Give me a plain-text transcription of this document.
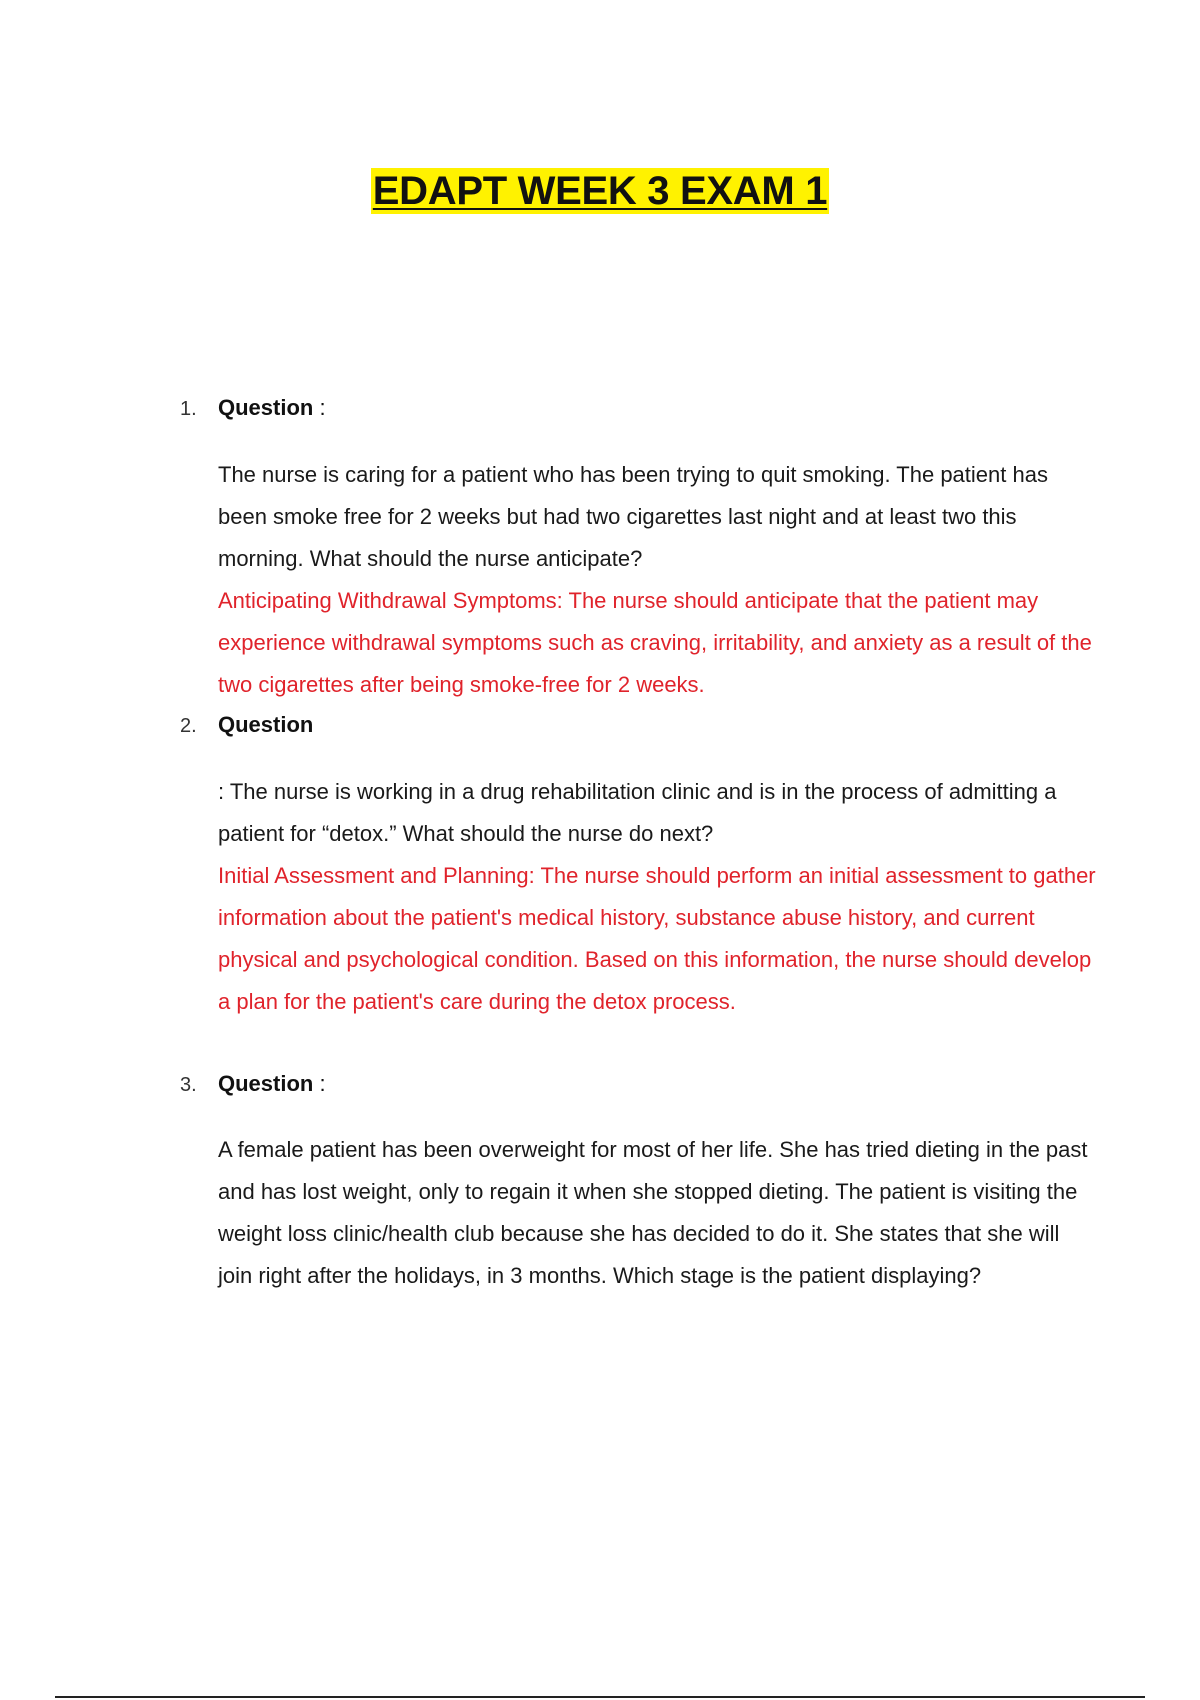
EDAPT WEEK 3 EXAM 1
1. Question :

The nurse is caring for a patient who has been trying to quit smoking. The patient has been smoke free for 2 weeks but had two cigarettes last night and at least two this morning. What should the nurse anticipate?

Anticipating Withdrawal Symptoms: The nurse should anticipate that the patient may experience withdrawal symptoms such as craving, irritability, and anxiety as a result of the two cigarettes after being smoke-free for 2 weeks.

2. Question

: The nurse is working in a drug rehabilitation clinic and is in the process of admitting a patient for “detox.” What should the nurse do next?

Initial Assessment and Planning: The nurse should perform an initial assessment to gather information about the patient's medical history, substance abuse history, and current physical and psychological condition. Based on this information, the nurse should develop a plan for the patient's care during the detox process.

3. Question :

A female patient has been overweight for most of her life. She has tried dieting in the past and has lost weight, only to regain it when she stopped dieting. The patient is visiting the weight loss clinic/health club because she has decided to do it. She states that she will join right after the holidays, in 3 months. Which stage is the patient displaying?
